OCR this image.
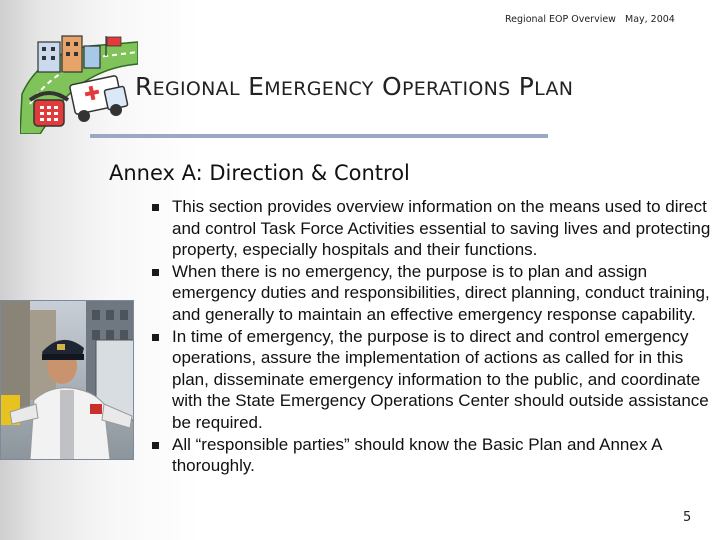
Regional EOP Overview May, 2004
REGIONAL EMERGENCY OPERATIONS PLAN
Annex A: Direction & Control
This section provides overview information on the means used to direct and control Task Force Activities essential to saving lives and protecting property, especially hospitals and their functions.
When there is no emergency, the purpose is to plan and assign emergency duties and responsibilities, direct planning, conduct training, and generally to maintain an effective emergency response capability.
In time of emergency, the purpose is to direct and control emergency operations, assure the implementation of actions as called for in this plan, disseminate emergency information to the public, and coordinate with the State Emergency Operations Center should outside assistance be required.
All “responsible parties” should know the Basic Plan and Annex A thoroughly.
5
